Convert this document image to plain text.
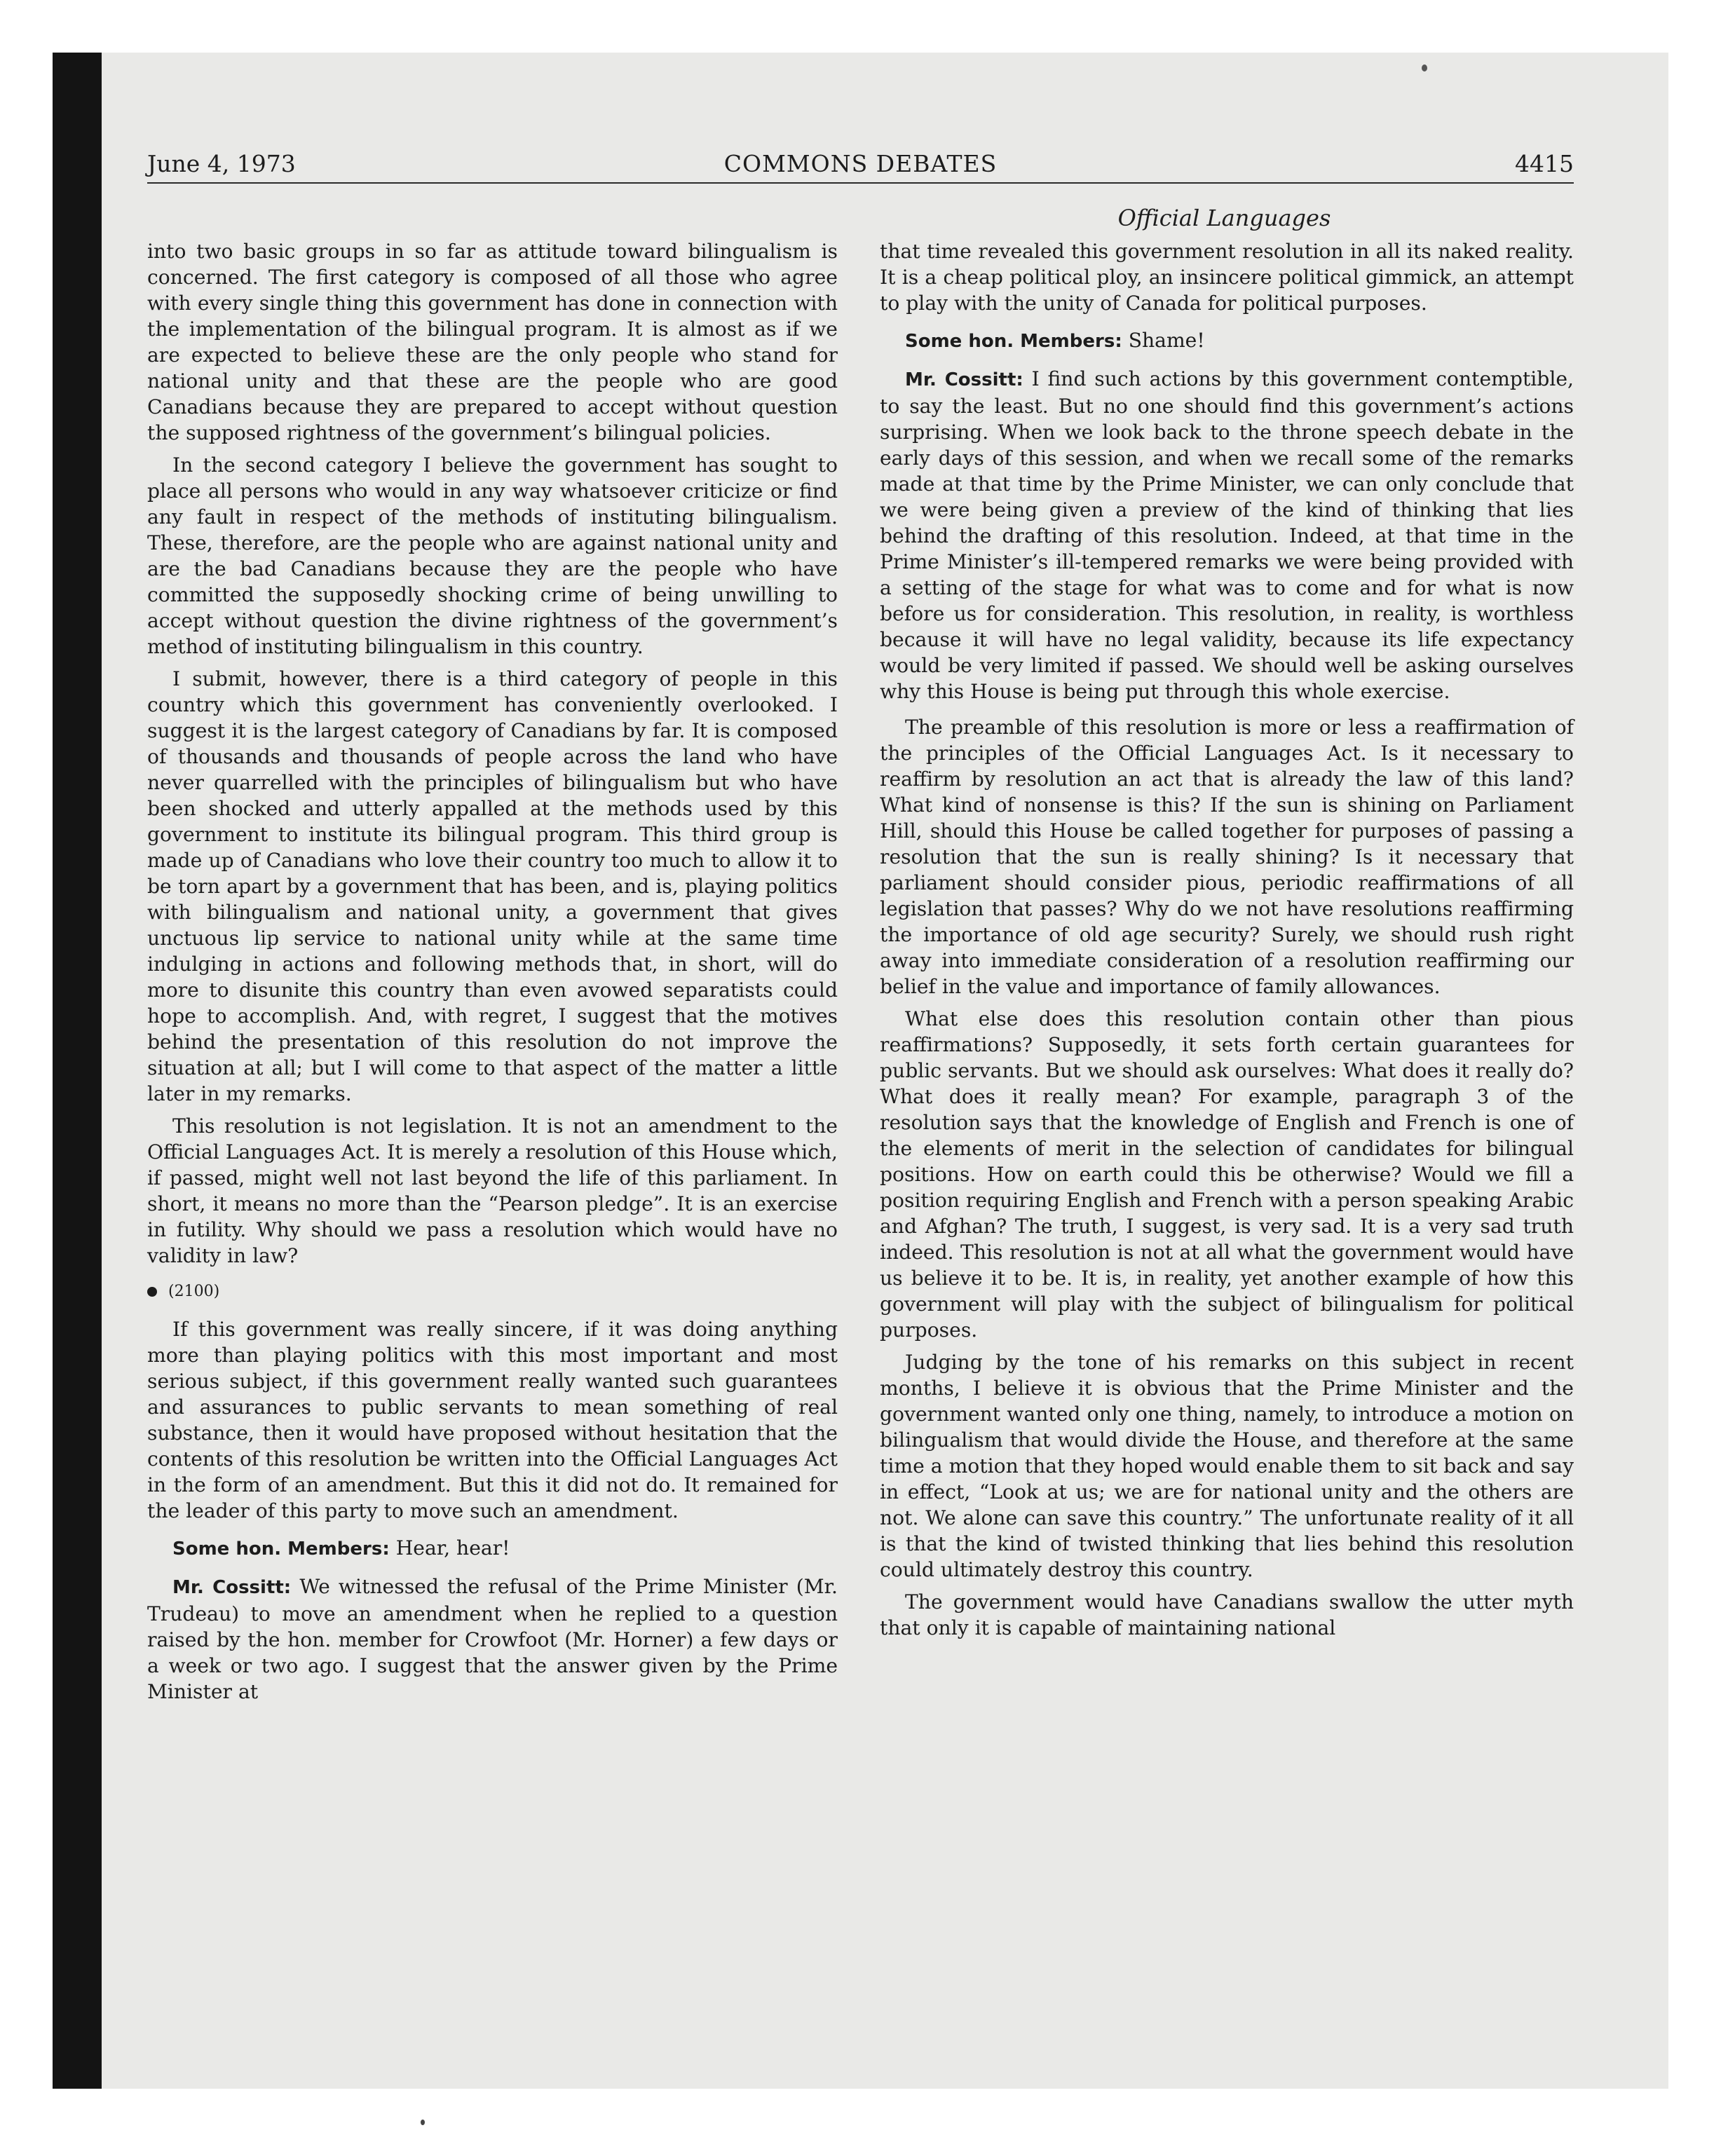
June 4, 1973	COMMONS DEBATES	4415
Official Languages

into two basic groups in so far as attitude toward bilingualism is concerned. The first category is composed of all those who agree with every single thing this government has done in connection with the implementation of the bilingual program. It is almost as if we are expected to believe these are the only people who stand for national unity and that these are the people who are good Canadians because they are prepared to accept without question the supposed rightness of the government’s bilingual policies.

In the second category I believe the government has sought to place all persons who would in any way whatsoever criticize or find any fault in respect of the methods of instituting bilingualism. These, therefore, are the people who are against national unity and are the bad Canadians because they are the people who have committed the supposedly shocking crime of being unwilling to accept without question the divine rightness of the government’s method of instituting bilingualism in this country.

I submit, however, there is a third category of people in this country which this government has conveniently overlooked. I suggest it is the largest category of Canadians by far. It is composed of thousands and thousands of people across the land who have never quarrelled with the principles of bilingualism but who have been shocked and utterly appalled at the methods used by this government to institute its bilingual program. This third group is made up of Canadians who love their country too much to allow it to be torn apart by a government that has been, and is, playing politics with bilingualism and national unity, a government that gives unctuous lip service to national unity while at the same time indulging in actions and following methods that, in short, will do more to disunite this country than even avowed separatists could hope to accomplish. And, with regret, I suggest that the motives behind the presentation of this resolution do not improve the situation at all; but I will come to that aspect of the matter a little later in my remarks.

This resolution is not legislation. It is not an amendment to the Official Languages Act. It is merely a resolution of this House which, if passed, might well not last beyond the life of this parliament. In short, it means no more than the “Pearson pledge”. It is an exercise in futility. Why should we pass a resolution which would have no validity in law?

(2100)

If this government was really sincere, if it was doing anything more than playing politics with this most important and most serious subject, if this government really wanted such guarantees and assurances to public servants to mean something of real substance, then it would have proposed without hesitation that the contents of this resolution be written into the Official Languages Act in the form of an amendment. But this it did not do. It remained for the leader of this party to move such an amendment.

Some hon. Members: Hear, hear!

Mr. Cossitt: We witnessed the refusal of the Prime Minister (Mr. Trudeau) to move an amendment when he replied to a question raised by the hon. member for Crowfoot (Mr. Horner) a few days or a week or two ago. I suggest that the answer given by the Prime Minister at

that time revealed this government resolution in all its naked reality. It is a cheap political ploy, an insincere political gimmick, an attempt to play with the unity of Canada for political purposes.

Some hon. Members: Shame!

Mr. Cossitt: I find such actions by this government contemptible, to say the least. But no one should find this government’s actions surprising. When we look back to the throne speech debate in the early days of this session, and when we recall some of the remarks made at that time by the Prime Minister, we can only conclude that we were being given a preview of the kind of thinking that lies behind the drafting of this resolution. Indeed, at that time in the Prime Minister’s ill-tempered remarks we were being provided with a setting of the stage for what was to come and for what is now before us for consideration. This resolution, in reality, is worthless because it will have no legal validity, because its life expectancy would be very limited if passed. We should well be asking ourselves why this House is being put through this whole exercise.

The preamble of this resolution is more or less a reaffirmation of the principles of the Official Languages Act. Is it necessary to reaffirm by resolution an act that is already the law of this land? What kind of nonsense is this? If the sun is shining on Parliament Hill, should this House be called together for purposes of passing a resolution that the sun is really shining? Is it necessary that parliament should consider pious, periodic reaffirmations of all legislation that passes? Why do we not have resolutions reaffirming the importance of old age security? Surely, we should rush right away into immediate consideration of a resolution reaffirming our belief in the value and importance of family allowances.

What else does this resolution contain other than pious reaffirmations? Supposedly, it sets forth certain guarantees for public servants. But we should ask ourselves: What does it really do? What does it really mean? For example, paragraph 3 of the resolution says that the knowledge of English and French is one of the elements of merit in the selection of candidates for bilingual positions. How on earth could this be otherwise? Would we fill a position requiring English and French with a person speaking Arabic and Afghan? The truth, I suggest, is very sad. It is a very sad truth indeed. This resolution is not at all what the government would have us believe it to be. It is, in reality, yet another example of how this government will play with the subject of bilingualism for political purposes.

Judging by the tone of his remarks on this subject in recent months, I believe it is obvious that the Prime Minister and the government wanted only one thing, namely, to introduce a motion on bilingualism that would divide the House, and therefore at the same time a motion that they hoped would enable them to sit back and say in effect, “Look at us; we are for national unity and the others are not. We alone can save this country.” The unfortunate reality of it all is that the kind of twisted thinking that lies behind this resolution could ultimately destroy this country.

The government would have Canadians swallow the utter myth that only it is capable of maintaining national
